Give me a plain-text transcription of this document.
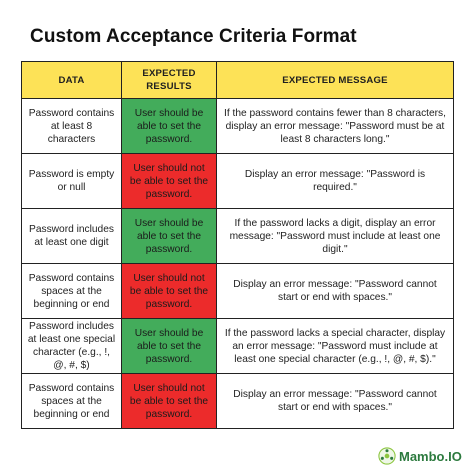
Custom Acceptance Criteria Format
DATA	EXPECTED RESULTS	EXPECTED MESSAGE
Password contains at least 8 characters	User should be able to set the password.	If the password contains fewer than 8 characters, display an error message: "Password must be at least 8 characters long."
Password is empty or null	User should not be able to set the password.	Display an error message: "Password is required."
Password includes at least one digit	User should be able to set the password.	If the password lacks a digit, display an error message: "Password must include at least one digit."
Password contains spaces at the beginning or end	User should not be able to set the password.	Display an error message: "Password cannot start or end with spaces."
Password includes at least one special character (e.g., !, @, #, $)	User should be able to set the password.	If the password lacks a special character, display an error message: "Password must include at least one special character (e.g., !, @, #, $)."
Password contains spaces at the beginning or end	User should not be able to set the password.	Display an error message: "Password cannot start or end with spaces."
Mambo.IO
